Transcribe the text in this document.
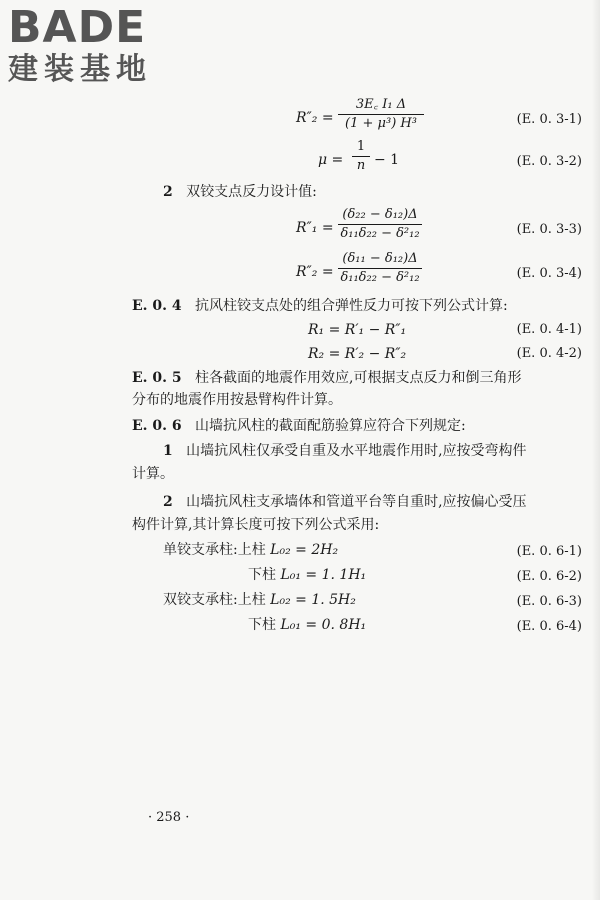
BADE
建装基地
R″₂ =
3E꜀ I₁ Δ
(1 + μ³) H³	(E. 0. 3-1)
μ =
1
n − 1	(E. 0. 3-2)
2 双铰支点反力设计值:
R″₁ =
(δ₂₂ − δ₁₂)Δ
δ₁₁δ₂₂ − δ²₁₂	(E. 0. 3-3)
R″₂ =
(δ₁₁ − δ₁₂)Δ
δ₁₁δ₂₂ − δ²₁₂	(E. 0. 3-4)
E. 0. 4 抗风柱铰支点处的组合弹性反力可按下列公式计算:
R₁ = R′₁ − R″₁	(E. 0. 4-1)
R₂ = R′₂ − R″₂	(E. 0. 4-2)
E. 0. 5 柱各截面的地震作用效应,可根据支点反力和倒三角形
分布的地震作用按悬臂构件计算。
E. 0. 6 山墙抗风柱的截面配筋验算应符合下列规定:
1 山墙抗风柱仅承受自重及水平地震作用时,应按受弯构件
计算。
2 山墙抗风柱支承墙体和管道平台等自重时,应按偏心受压
构件计算,其计算长度可按下列公式采用:
单铰支承柱:上柱 L₀₂ = 2H₂	(E. 0. 6-1)
下柱 L₀₁ = 1. 1H₁	(E. 0. 6-2)
双铰支承柱:上柱 L₀₂ = 1. 5H₂	(E. 0. 6-3)
下柱 L₀₁ = 0. 8H₁	(E. 0. 6-4)
· 258 ·
